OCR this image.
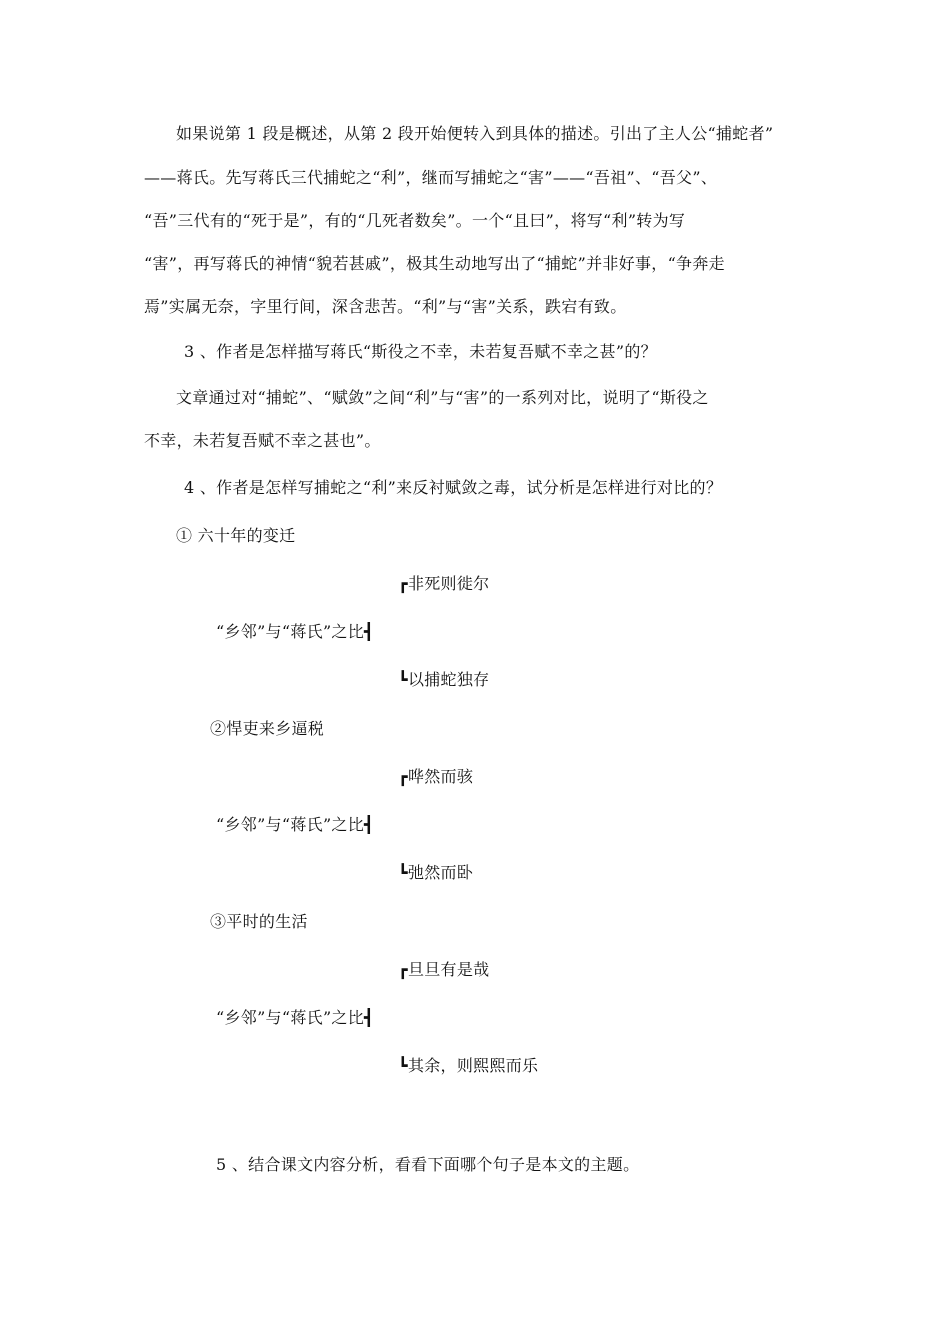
如果说第 1 段是概述，从第 2 段开始便转入到具体的描述。引出了主人公“捕蛇者”
——蒋氏。先写蒋氏三代捕蛇之“利”，继而写捕蛇之“害”——“吾祖”、“吾父”、
“吾”三代有的“死于是”，有的“几死者数矣”。一个“且曰”，将写“利”转为写
“害”，再写蒋氏的神情“貌若甚戚”，极其生动地写出了“捕蛇”并非好事，“争奔走
焉”实属无奈，字里行间，深含悲苦。“利”与“害”关系，跌宕有致。
3 、作者是怎样描写蒋氏“斯役之不幸，未若复吾赋不幸之甚”的？
文章通过对“捕蛇”、“赋敛”之间“利”与“害”的一系列对比，说明了“斯役之
不幸，未若复吾赋不幸之甚也”。
4 、作者是怎样写捕蛇之“利”来反衬赋敛之毒，试分析是怎样进行对比的？
① 六十年的变迁
┏非死则徙尔
“乡邻”与“蒋氏”之比┫
┗以捕蛇独存
②悍吏来乡逼税
┏哗然而骇
“乡邻”与“蒋氏”之比┫
┗弛然而卧
③平时的生活
┏旦旦有是哉
“乡邻”与“蒋氏”之比┫
┗其余，则熙熙而乐
5 、结合课文内容分析，看看下面哪个句子是本文的主题。
